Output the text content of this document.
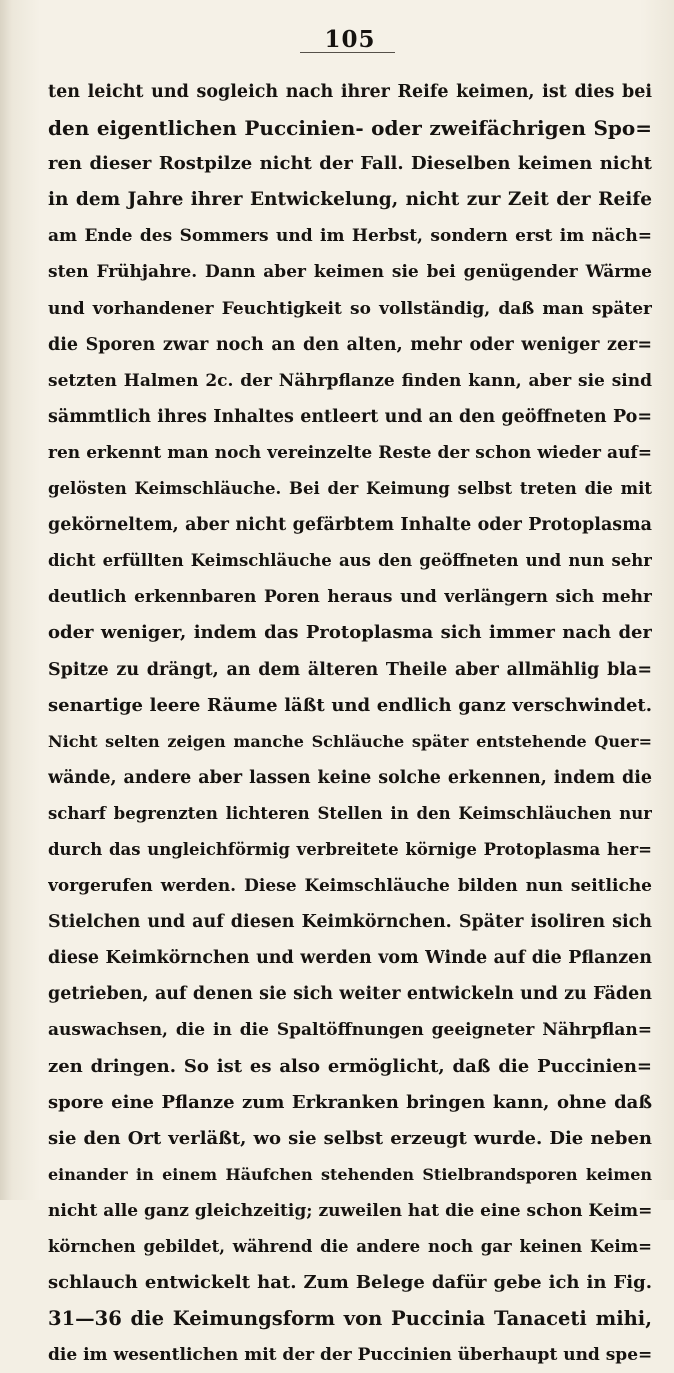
105
ten leicht und sogleich nach ihrer Reife keimen, ist dies bei
den eigentlichen Puccinien- oder zweifächrigen Spo=
ren dieser Rostpilze nicht der Fall. Dieselben keimen nicht
in dem Jahre ihrer Entwickelung, nicht zur Zeit der Reife
am Ende des Sommers und im Herbst, sondern erst im näch=
sten Frühjahre. Dann aber keimen sie bei genügender Wärme
und vorhandener Feuchtigkeit so vollständig, daß man später
die Sporen zwar noch an den alten, mehr oder weniger zer=
setzten Halmen 2c. der Nährpflanze finden kann, aber sie sind
sämmtlich ihres Inhaltes entleert und an den geöffneten Po=
ren erkennt man noch vereinzelte Reste der schon wieder auf=
gelösten Keimschläuche. Bei der Keimung selbst treten die mit
gekörneltem, aber nicht gefärbtem Inhalte oder Protoplasma
dicht erfüllten Keimschläuche aus den geöffneten und nun sehr
deutlich erkennbaren Poren heraus und verlängern sich mehr
oder weniger, indem das Protoplasma sich immer nach der
Spitze zu drängt, an dem älteren Theile aber allmählig bla=
senartige leere Räume läßt und endlich ganz verschwindet.
Nicht selten zeigen manche Schläuche später entstehende Quer=
wände, andere aber lassen keine solche erkennen, indem die
scharf begrenzten lichteren Stellen in den Keimschläuchen nur
durch das ungleichförmig verbreitete körnige Protoplasma her=
vorgerufen werden. Diese Keimschläuche bilden nun seitliche
Stielchen und auf diesen Keimkörnchen. Später isoliren sich
diese Keimkörnchen und werden vom Winde auf die Pflanzen
getrieben, auf denen sie sich weiter entwickeln und zu Fäden
auswachsen, die in die Spaltöffnungen geeigneter Nährpflan=
zen dringen. So ist es also ermöglicht, daß die Puccinien=
spore eine Pflanze zum Erkranken bringen kann, ohne daß
sie den Ort verläßt, wo sie selbst erzeugt wurde. Die neben
einander in einem Häufchen stehenden Stielbrandsporen keimen
nicht alle ganz gleichzeitig; zuweilen hat die eine schon Keim=
körnchen gebildet, während die andere noch gar keinen Keim=
schlauch entwickelt hat. Zum Belege dafür gebe ich in Fig.
31—36 die Keimungsform von Puccinia Tanaceti mihi,
die im wesentlichen mit der der Puccinien überhaupt und spe=
